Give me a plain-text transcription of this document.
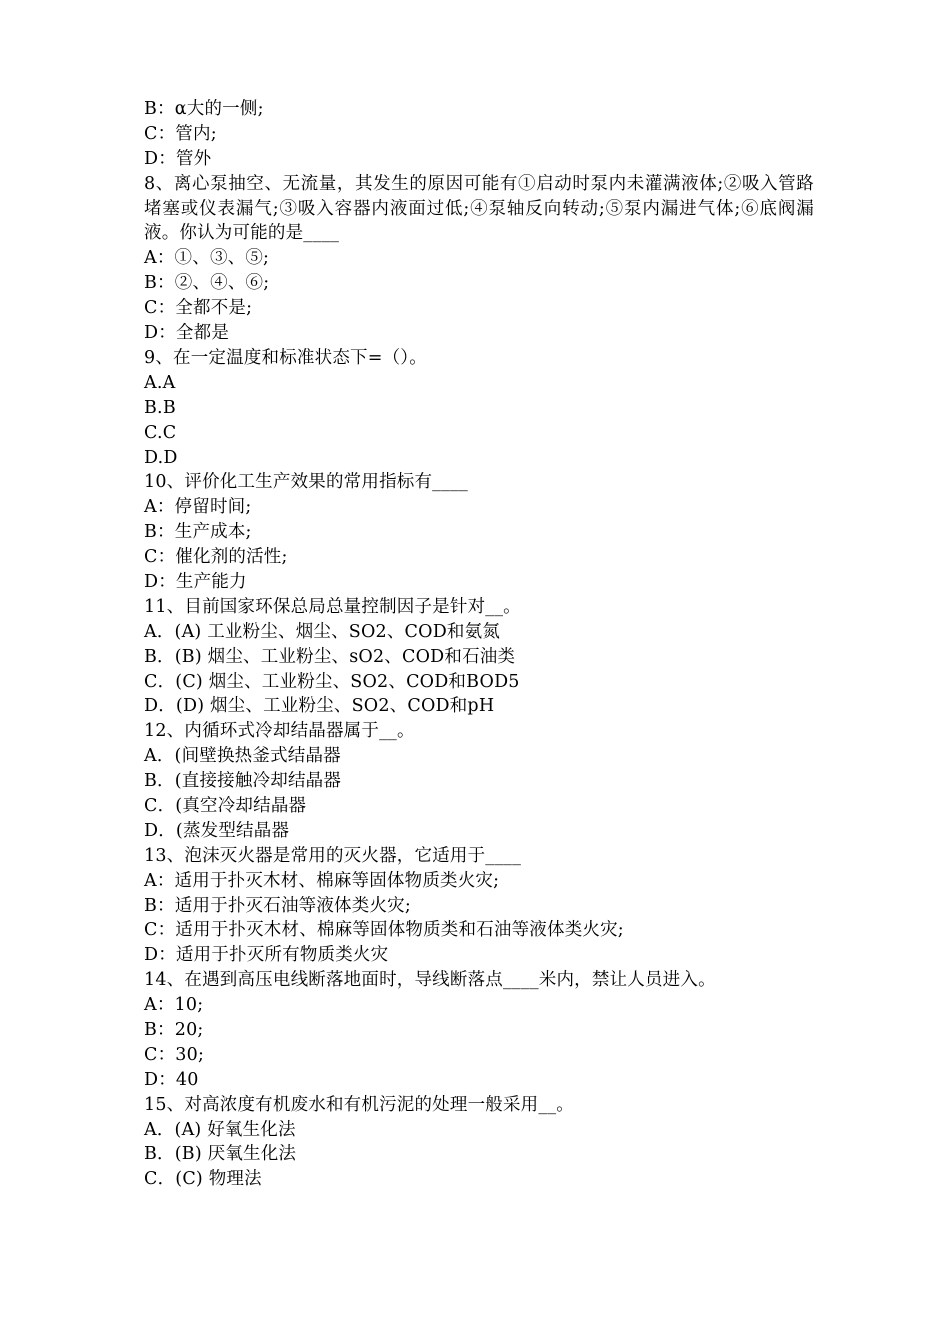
B：α大的一侧;
C：管内;
D：管外
8、离心泵抽空、无流量，其发生的原因可能有①启动时泵内未灌满液体;②吸入管路堵塞或仪表漏气;③吸入容器内液面过低;④泵轴反向转动;⑤泵内漏进气体;⑥底阀漏液。你认为可能的是____
A：①、③、⑤;
B：②、④、⑥;
C：全都不是;
D：全都是
9、在一定温度和标准状态下=（）。
A.A
B.B
C.C
D.D
10、评价化工生产效果的常用指标有____
A：停留时间;
B：生产成本;
C：催化剂的活性;
D：生产能力
11、目前国家环保总局总量控制因子是针对__。
A．(A) 工业粉尘、烟尘、SO2、COD和氨氮
B．(B) 烟尘、工业粉尘、sO2、COD和石油类
C．(C) 烟尘、工业粉尘、SO2、COD和BOD5
D．(D) 烟尘、工业粉尘、SO2、COD和pH
12、内循环式冷却结晶器属于__。
A．(间壁换热釜式结晶器
B．(直接接触冷却结晶器
C．(真空冷却结晶器
D．(蒸发型结晶器
13、泡沫灭火器是常用的灭火器，它适用于____
A：适用于扑灭木材、棉麻等固体物质类火灾;
B：适用于扑灭石油等液体类火灾;
C：适用于扑灭木材、棉麻等固体物质类和石油等液体类火灾;
D：适用于扑灭所有物质类火灾
14、在遇到高压电线断落地面时，导线断落点____米内，禁让人员进入。
A：10;
B：20;
C：30;
D：40
15、对高浓度有机废水和有机污泥的处理一般采用__。
A．(A) 好氧生化法
B．(B) 厌氧生化法
C．(C) 物理法
